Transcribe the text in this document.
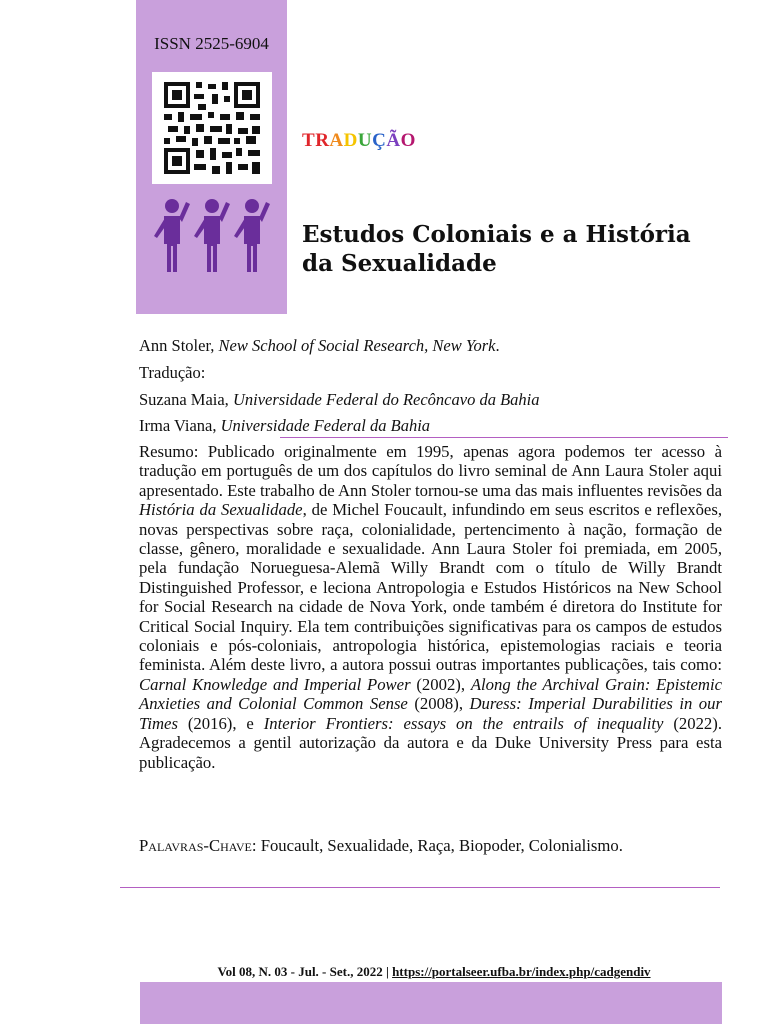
ISSN 2525-6904
TRADUÇÃO
Estudos Coloniais e a História da Sexualidade
Ann Stoler, New School of Social Research, New York.
Tradução:
Suzana Maia, Universidade Federal do Recôncavo da Bahia
Irma Viana, Universidade Federal da Bahia
Resumo: Publicado originalmente em 1995, apenas agora podemos ter acesso à tradução em português de um dos capítulos do livro seminal de Ann Laura Stoler aqui apresentado. Este trabalho de Ann Stoler tornou-se uma das mais influentes revisões da História da Sexualidade, de Michel Foucault, infundindo em seus escritos e reflexões, novas perspectivas sobre raça, colonialidade, pertencimento à nação, formação de classe, gênero, moralidade e sexualidade. Ann Laura Stoler foi premiada, em 2005, pela fundação Norueguesa-Alemã Willy Brandt com o título de Willy Brandt Distinguished Professor, e leciona Antropologia e Estudos Históricos na New School for Social Research na cidade de Nova York, onde também é diretora do Institute for Critical Social Inquiry. Ela tem contribuições significativas para os campos de estudos coloniais e pós-coloniais, antropologia histórica, epistemologias raciais e teoria feminista. Além deste livro, a autora possui outras importantes publicações, tais como: Carnal Knowledge and Imperial Power (2002), Along the Archival Grain: Epistemic Anxieties and Colonial Common Sense (2008), Duress: Imperial Durabilities in our Times (2016), e Interior Frontiers: essays on the entrails of inequality (2022). Agradecemos a gentil autorização da autora e da Duke University Press para esta publicação.
Palavras-Chave: Foucault, Sexualidade, Raça, Biopoder, Colonialismo.
Vol 08, N. 03 - Jul. - Set., 2022 | https://portalseer.ufba.br/index.php/cadgendiv
